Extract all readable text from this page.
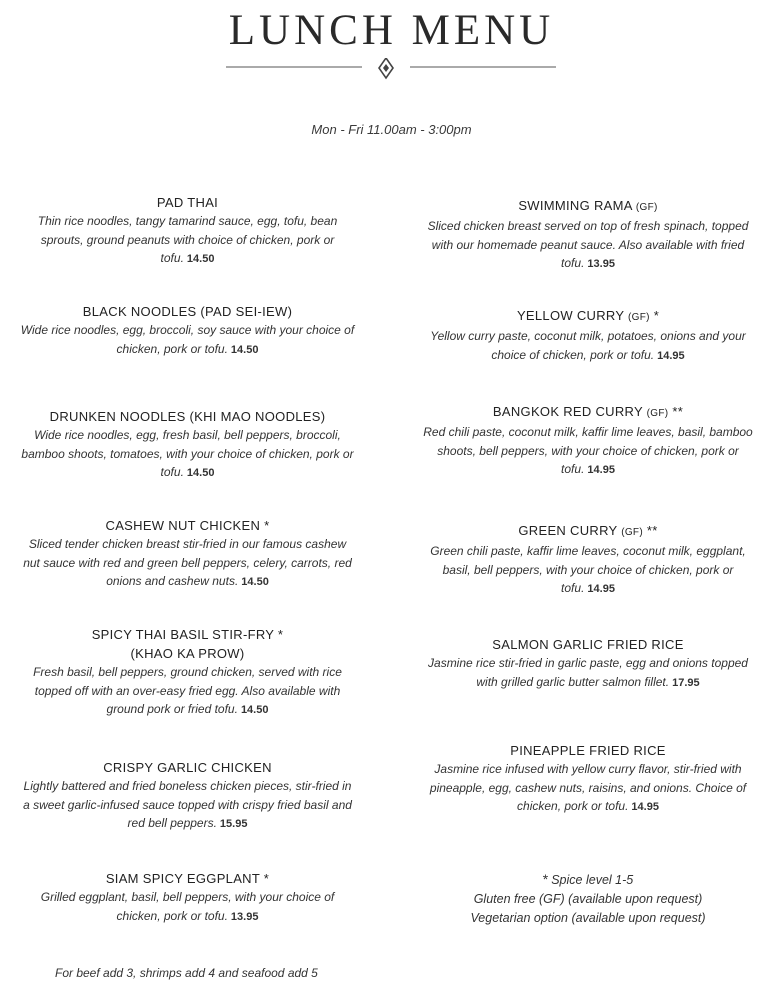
LUNCH MENU
Mon - Fri 11.00am - 3:00pm
PAD THAI
Thin rice noodles, tangy tamarind sauce, egg, tofu, bean sprouts, ground peanuts with choice of chicken, pork or tofu. 14.50
BLACK NOODLES (PAD SEI-IEW)
Wide rice noodles, egg, broccoli, soy sauce with your choice of chicken, pork or tofu. 14.50
DRUNKEN NOODLES (KHI MAO NOODLES)
Wide rice noodles, egg, fresh basil, bell peppers, broccoli, bamboo shoots, tomatoes, with your choice of chicken, pork or tofu. 14.50
CASHEW NUT CHICKEN *
Sliced tender chicken breast stir-fried in our famous cashew nut sauce with red and green bell peppers, celery, carrots, red onions and cashew nuts. 14.50
SPICY THAI BASIL STIR-FRY * (KHAO KA PROW)
Fresh basil, bell peppers, ground chicken, served with rice topped off with an over-easy fried egg. Also available with ground pork or fried tofu. 14.50
CRISPY GARLIC CHICKEN
Lightly battered and fried boneless chicken pieces, stir-fried in a sweet garlic-infused sauce topped with crispy fried basil and red bell peppers. 15.95
SIAM SPICY EGGPLANT *
Grilled eggplant, basil, bell peppers, with your choice of chicken, pork or tofu. 13.95
SWIMMING RAMA (GF)
Sliced chicken breast served on top of fresh spinach, topped with our homemade peanut sauce. Also available with fried tofu. 13.95
YELLOW CURRY (GF) *
Yellow curry paste, coconut milk, potatoes, onions and your choice of chicken, pork or tofu. 14.95
BANGKOK RED CURRY (GF) **
Red chili paste, coconut milk, kaffir lime leaves, basil, bamboo shoots, bell peppers, with your choice of chicken, pork or tofu. 14.95
GREEN CURRY (GF) **
Green chili paste, kaffir lime leaves, coconut milk, eggplant, basil, bell peppers, with your choice of chicken, pork or tofu. 14.95
SALMON GARLIC FRIED RICE
Jasmine rice stir-fried in garlic paste, egg and onions topped with grilled garlic butter salmon fillet. 17.95
PINEAPPLE FRIED RICE
Jasmine rice infused with yellow curry flavor, stir-fried with pineapple, egg, cashew nuts, raisins, and onions. Choice of chicken, pork or tofu. 14.95
* Spice level 1-5
Gluten free (GF) (available upon request)
Vegetarian option (available upon request)
For beef add 3, shrimps add 4 and seafood add 5
